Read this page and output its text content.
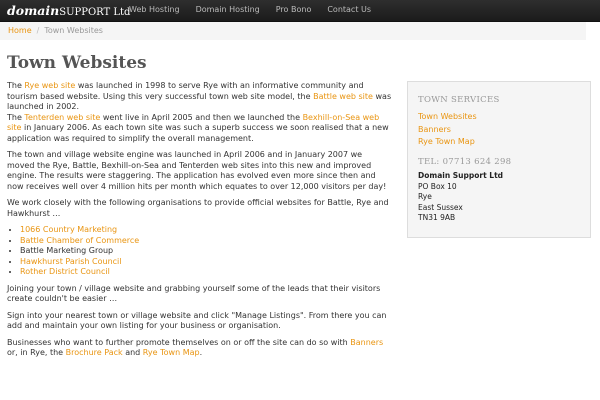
domainSUPPORT Ltd
Web Hosting	Domain Hosting	Pro Bono	Contact Us
Home / Town Websites
Town Websites

The Rye web site was launched in 1998 to serve Rye with an informative community and tourism based website. Using this very successful town web site model, the Battle web site was launched in 2002.
The Tenterden web site went live in April 2005 and then we launched the Bexhill-on-Sea web site in January 2006. As each town site was such a superb success we soon realised that a new application was required to simplify the overall management.

The town and village website engine was launched in April 2006 and in January 2007 we moved the Rye, Battle, Bexhill-on-Sea and Tenterden web sites into this new and improved engine. The results were staggering. The application has evolved even more since then and now receives well over 4 million hits per month which equates to over 12,000 visitors per day!

We work closely with the following organisations to provide official websites for Battle, Rye and Hawkhurst …

• 1066 Country Marketing
• Battle Chamber of Commerce
• Battle Marketing Group
• Hawkhurst Parish Council
• Rother District Council

Joining your town / village website and grabbing yourself some of the leads that their visitors create couldn't be easier …

Sign into your nearest town or village website and click "Manage Listings". From there you can add and maintain your own listing for your business or organisation.

Businesses who want to further promote themselves on or off the site can do so with Banners or, in Rye, the Brochure Pack and Rye Town Map.

TOWN SERVICES
Town Websites
Banners
Rye Town Map
TEL: 07713 624 298
Domain Support Ltd
PO Box 10
Rye
East Sussex
TN31 9AB
